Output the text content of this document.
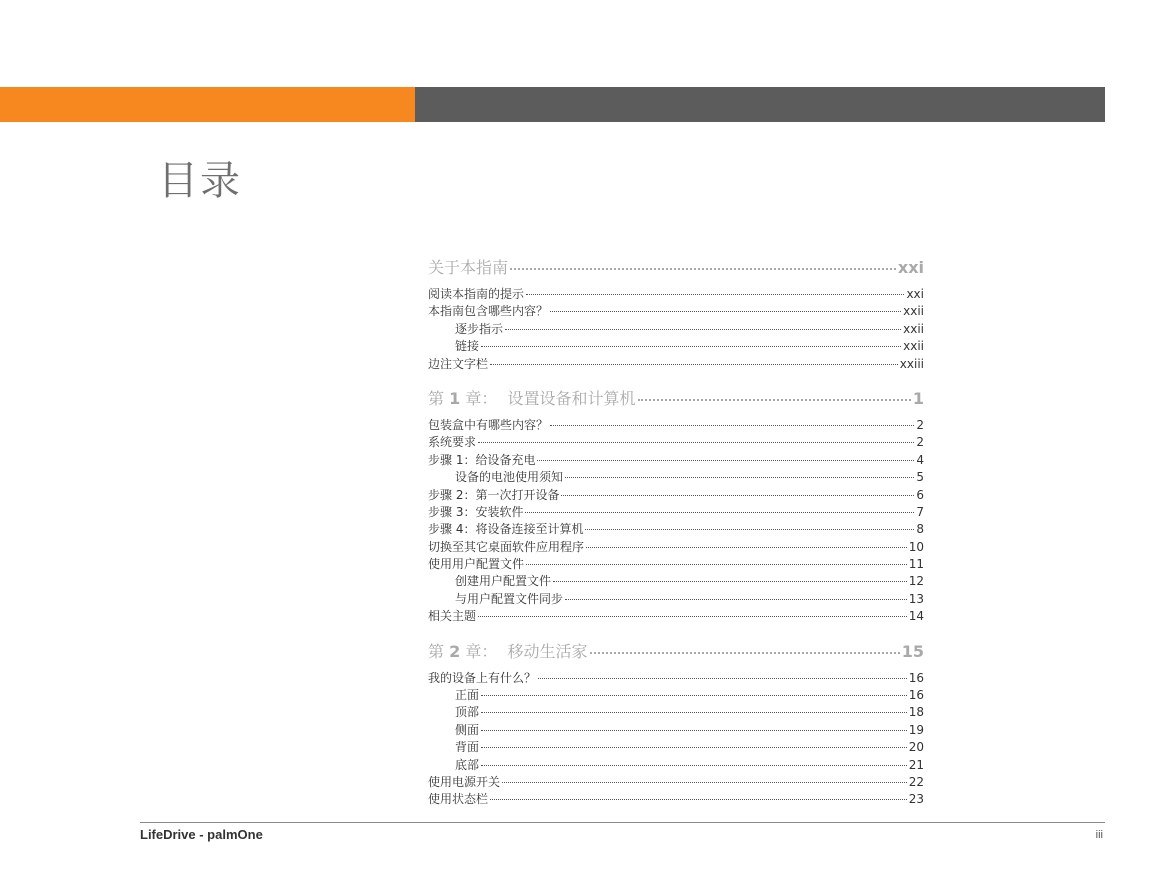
目录
关于本指南	xxi
阅读本指南的提示	xxi
本指南包含哪些内容？	xxii
逐步指示	xxii
链接	xxii
边注文字栏	xxiii
第 1 章： 设置设备和计算机	1
包装盒中有哪些内容？	2
系统要求	2
步骤 1：给设备充电	4
设备的电池使用须知	5
步骤 2：第一次打开设备	6
步骤 3：安装软件	7
步骤 4：将设备连接至计算机	8
切换至其它桌面软件应用程序	10
使用用户配置文件	11
创建用户配置文件	12
与用户配置文件同步	13
相关主题	14
第 2 章： 移动生活家	15
我的设备上有什么？	16
正面	16
顶部	18
侧面	19
背面	20
底部	21
使用电源开关	22
使用状态栏	23
LifeDrive - palmOne	iii
